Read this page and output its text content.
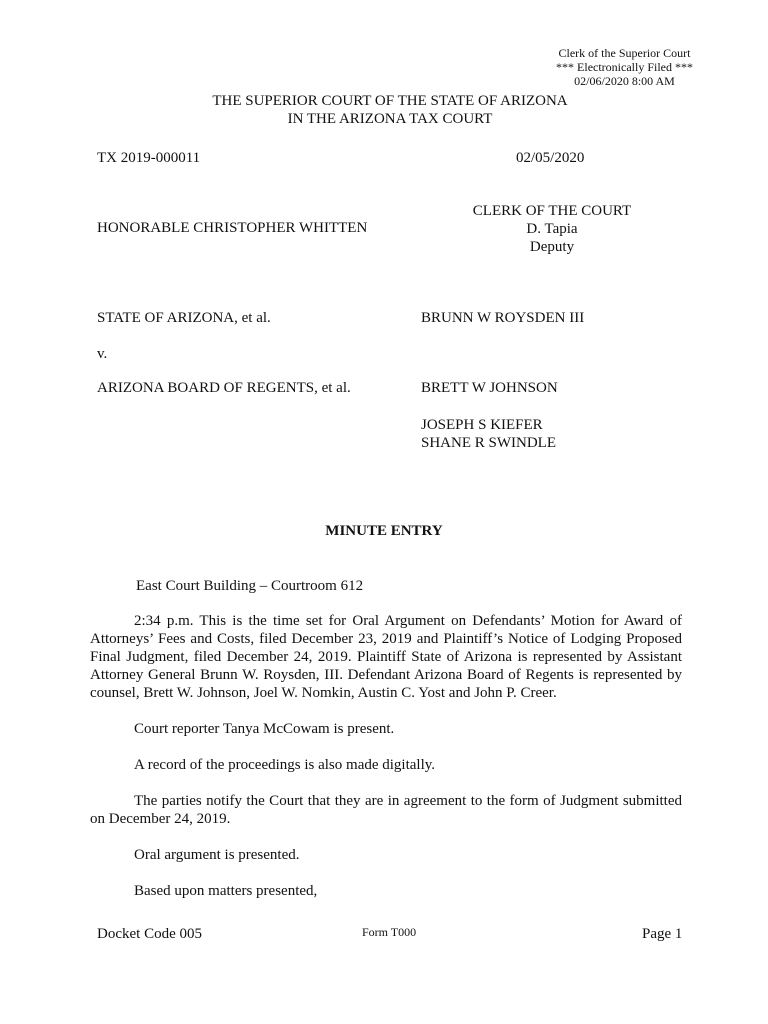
Clerk of the Superior Court
*** Electronically Filed ***
02/06/2020 8:00 AM
THE SUPERIOR COURT OF THE STATE OF ARIZONA
IN THE ARIZONA TAX COURT
TX 2019-000011	02/05/2020
CLERK OF THE COURT
D. Tapia
Deputy
HONORABLE CHRISTOPHER WHITTEN
STATE OF ARIZONA, et al.	BRUNN W ROYSDEN III
v.
ARIZONA BOARD OF REGENTS, et al.	BRETT W JOHNSON
JOSEPH S KIEFER
SHANE R SWINDLE
MINUTE ENTRY
East Court Building – Courtroom 612

2:34 p.m. This is the time set for Oral Argument on Defendants’ Motion for Award of Attorneys’ Fees and Costs, filed December 23, 2019 and Plaintiff’s Notice of Lodging Proposed Final Judgment, filed December 24, 2019. Plaintiff State of Arizona is represented by Assistant Attorney General Brunn W. Roysden, III. Defendant Arizona Board of Regents is represented by counsel, Brett W. Johnson, Joel W. Nomkin, Austin C. Yost and John P. Creer.

Court reporter Tanya McCowam is present.

A record of the proceedings is also made digitally.

The parties notify the Court that they are in agreement to the form of Judgment submitted on December 24, 2019.

Oral argument is presented.

Based upon matters presented,

Docket Code 005	Form T000	Page 1
